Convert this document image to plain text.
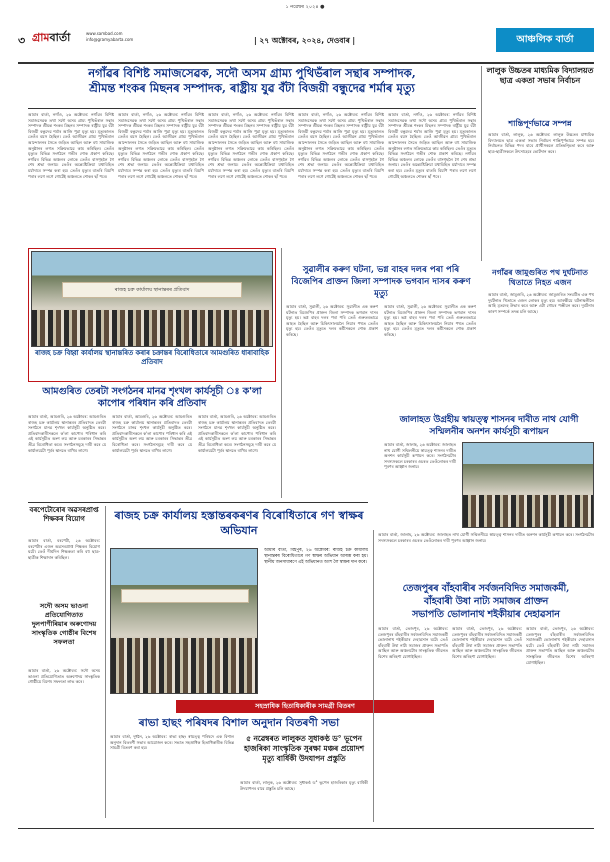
১ নৱেম্বৰ ২০২৪ ●
৩ গ্ৰামবাৰ্তা	www.sambad.com
info@gramyabarta.com	| ২৭ অক্টোবৰ, ২০২৪, দেওবাৰ |	আঞ্চলিক বাৰ্তা
নগাঁৱৰ বিশিষ্ট সমাজসেৱক, সদৌ অসম গ্ৰাম্য পুথিভঁৰাল সন্থাৰ সম্পাদক,
শ্ৰীমন্ত শংকৰ মিছনৰ সম্পাদক, ৰাষ্ট্ৰীয় যুৱ বঁটা বিজয়ী বন্ধুদেৱ শৰ্মাৰ মৃত্যু
আমাৰ বাৰ্তা, নগাঁও, ২৬ অক্টোবৰ: নগাঁৱৰ বিশিষ্ট সমাজসেৱক তথা সদৌ অসম গ্ৰাম্য পুথিভঁৰাল সন্থাৰ সম্পাদক শ্ৰীমন্ত শংকৰ মিছনৰ সম্পাদক ৰাষ্ট্ৰীয় যুৱ বঁটা বিজয়ী বন্ধুদেৱ শৰ্মাৰ আজি পুৱা মৃত্যু হয়। মৃত্যুকালত তেওঁৰ বয়স হৈছিল। তেওঁ আজীৱন গ্ৰাম্য পুথিভঁৰাল আন্দোলনৰ সৈতে জড়িত আছিল আৰু বহু সামাজিক অনুষ্ঠানৰ লগত সক্ৰিয়ভাৱে কাম কৰিছিল। তেওঁৰ মৃত্যুত বিভিন্ন সংগঠনে গভীৰ শোক প্ৰকাশ কৰিছে। নগাঁৱৰ বিভিন্ন অঞ্চলৰ লোকে তেওঁৰ বাসগৃহলৈ গৈ শেষ শ্ৰদ্ধা জনায়। তেওঁৰ অন্ত্যেষ্টিক্ৰিয়া যথাবিহিত মৰ্যাদাৰে সম্পন্ন কৰা হয়। তেওঁৰ মৃত্যুৰ বাতৰি বিয়পি পৰাৰ লগে লগে গোটেই অঞ্চলতে শোকৰ ছাঁ পৰে।
আমাৰ বাৰ্তা, নগাঁও, ২৬ অক্টোবৰ: নগাঁৱৰ বিশিষ্ট সমাজসেৱক তথা সদৌ অসম গ্ৰাম্য পুথিভঁৰাল সন্থাৰ সম্পাদক শ্ৰীমন্ত শংকৰ মিছনৰ সম্পাদক ৰাষ্ট্ৰীয় যুৱ বঁটা বিজয়ী বন্ধুদেৱ শৰ্মাৰ আজি পুৱা মৃত্যু হয়। মৃত্যুকালত তেওঁৰ বয়স হৈছিল। তেওঁ আজীৱন গ্ৰাম্য পুথিভঁৰাল আন্দোলনৰ সৈতে জড়িত আছিল আৰু বহু সামাজিক অনুষ্ঠানৰ লগত সক্ৰিয়ভাৱে কাম কৰিছিল। তেওঁৰ মৃত্যুত বিভিন্ন সংগঠনে গভীৰ শোক প্ৰকাশ কৰিছে। নগাঁৱৰ বিভিন্ন অঞ্চলৰ লোকে তেওঁৰ বাসগৃহলৈ গৈ শেষ শ্ৰদ্ধা জনায়। তেওঁৰ অন্ত্যেষ্টিক্ৰিয়া যথাবিহিত মৰ্যাদাৰে সম্পন্ন কৰা হয়। তেওঁৰ মৃত্যুৰ বাতৰি বিয়পি পৰাৰ লগে লগে গোটেই অঞ্চলতে শোকৰ ছাঁ পৰে।
আমাৰ বাৰ্তা, নগাঁও, ২৬ অক্টোবৰ: নগাঁৱৰ বিশিষ্ট সমাজসেৱক তথা সদৌ অসম গ্ৰাম্য পুথিভঁৰাল সন্থাৰ সম্পাদক শ্ৰীমন্ত শংকৰ মিছনৰ সম্পাদক ৰাষ্ট্ৰীয় যুৱ বঁটা বিজয়ী বন্ধুদেৱ শৰ্মাৰ আজি পুৱা মৃত্যু হয়। মৃত্যুকালত তেওঁৰ বয়স হৈছিল। তেওঁ আজীৱন গ্ৰাম্য পুথিভঁৰাল আন্দোলনৰ সৈতে জড়িত আছিল আৰু বহু সামাজিক অনুষ্ঠানৰ লগত সক্ৰিয়ভাৱে কাম কৰিছিল। তেওঁৰ মৃত্যুত বিভিন্ন সংগঠনে গভীৰ শোক প্ৰকাশ কৰিছে। নগাঁৱৰ বিভিন্ন অঞ্চলৰ লোকে তেওঁৰ বাসগৃহলৈ গৈ শেষ শ্ৰদ্ধা জনায়। তেওঁৰ অন্ত্যেষ্টিক্ৰিয়া যথাবিহিত মৰ্যাদাৰে সম্পন্ন কৰা হয়। তেওঁৰ মৃত্যুৰ বাতৰি বিয়পি পৰাৰ লগে লগে গোটেই অঞ্চলতে শোকৰ ছাঁ পৰে।
আমাৰ বাৰ্তা, নগাঁও, ২৬ অক্টোবৰ: নগাঁৱৰ বিশিষ্ট সমাজসেৱক তথা সদৌ অসম গ্ৰাম্য পুথিভঁৰাল সন্থাৰ সম্পাদক শ্ৰীমন্ত শংকৰ মিছনৰ সম্পাদক ৰাষ্ট্ৰীয় যুৱ বঁটা বিজয়ী বন্ধুদেৱ শৰ্মাৰ আজি পুৱা মৃত্যু হয়। মৃত্যুকালত তেওঁৰ বয়স হৈছিল। তেওঁ আজীৱন গ্ৰাম্য পুথিভঁৰাল আন্দোলনৰ সৈতে জড়িত আছিল আৰু বহু সামাজিক অনুষ্ঠানৰ লগত সক্ৰিয়ভাৱে কাম কৰিছিল। তেওঁৰ মৃত্যুত বিভিন্ন সংগঠনে গভীৰ শোক প্ৰকাশ কৰিছে। নগাঁৱৰ বিভিন্ন অঞ্চলৰ লোকে তেওঁৰ বাসগৃহলৈ গৈ শেষ শ্ৰদ্ধা জনায়। তেওঁৰ অন্ত্যেষ্টিক্ৰিয়া যথাবিহিত মৰ্যাদাৰে সম্পন্ন কৰা হয়। তেওঁৰ মৃত্যুৰ বাতৰি বিয়পি পৰাৰ লগে লগে গোটেই অঞ্চলতে শোকৰ ছাঁ পৰে।
আমাৰ বাৰ্তা, নগাঁও, ২৬ অক্টোবৰ: নগাঁৱৰ বিশিষ্ট সমাজসেৱক তথা সদৌ অসম গ্ৰাম্য পুথিভঁৰাল সন্থাৰ সম্পাদক শ্ৰীমন্ত শংকৰ মিছনৰ সম্পাদক ৰাষ্ট্ৰীয় যুৱ বঁটা বিজয়ী বন্ধুদেৱ শৰ্মাৰ আজি পুৱা মৃত্যু হয়। মৃত্যুকালত তেওঁৰ বয়স হৈছিল। তেওঁ আজীৱন গ্ৰাম্য পুথিভঁৰাল আন্দোলনৰ সৈতে জড়িত আছিল আৰু বহু সামাজিক অনুষ্ঠানৰ লগত সক্ৰিয়ভাৱে কাম কৰিছিল। তেওঁৰ মৃত্যুত বিভিন্ন সংগঠনে গভীৰ শোক প্ৰকাশ কৰিছে। নগাঁৱৰ বিভিন্ন অঞ্চলৰ লোকে তেওঁৰ বাসগৃহলৈ গৈ শেষ শ্ৰদ্ধা জনায়। তেওঁৰ অন্ত্যেষ্টিক্ৰিয়া যথাবিহিত মৰ্যাদাৰে সম্পন্ন কৰা হয়। তেওঁৰ মৃত্যুৰ বাতৰি বিয়পি পৰাৰ লগে লগে গোটেই অঞ্চলতে শোকৰ ছাঁ পৰে।
লালুক উচ্চতৰ মাধ্যমিক বিদ্যালয়ত ছাত্ৰ একতা সভাৰ নিৰ্বাচন
শান্তিপূৰ্ণভাৱে সম্পন্ন
আমাৰ বাৰ্তা, লালুক, ২৬ অক্টোবৰ: লালুক উচ্চতৰ মাধ্যমিক বিদ্যালয়ত ছাত্ৰ একতা সভাৰ নিৰ্বাচন শান্তিপূৰ্ণভাৱে সম্পন্ন হয়। নিৰ্বাচনত বিভিন্ন পদৰ বাবে প্ৰাৰ্থীসকলে প্ৰতিদ্বন্দ্বিতা কৰে আৰু ছাত্ৰ-ছাত্ৰীসকলে উৎসাহেৰে ভোটদান কৰে।
ৰাজহ চক্ৰ কাৰ্যালয় স্থানান্তৰৰ প্ৰতিবাদ
ৰাজহ চক্ৰ বিহ্বা কাৰ্যালয় স্থানান্তৰিত কৰাৰ চক্ৰান্তৰ বিৰোধিতাৰে আমগুৰিত ধাৰাবাহিক প্ৰতিবাদ
আমগুৰিত তেৰটা সংগঠনৰ মানৱ শৃংখল কাৰ্যসূচী ঃ ক'লা কাপোৰ পৰিধান কৰি প্ৰতিবাদ
আমাৰ বাৰ্তা, আমগুৰি, ২৬ অক্টোবৰ: আমগুৰিত ৰাজহ চক্ৰ কাৰ্যালয় স্থানান্তৰৰ প্ৰতিবাদত তেৰটা সংগঠনে মানৱ শৃংখল কাৰ্যসূচী অনুষ্ঠিত কৰে। প্ৰতিবাদকাৰীসকলে ক'লা কাপোৰ পৰিধান কৰি এই কাৰ্যসূচীত অংশ লয় আৰু চৰকাৰৰ সিদ্ধান্তৰ তীব্ৰ বিৰোধিতা কৰে। সংগঠনসমূহে দাবী কৰে যে কাৰ্যালয়টো পূৰ্বৰ স্থানতে ৰাখিব লাগে।
আমাৰ বাৰ্তা, আমগুৰি, ২৬ অক্টোবৰ: আমগুৰিত ৰাজহ চক্ৰ কাৰ্যালয় স্থানান্তৰৰ প্ৰতিবাদত তেৰটা সংগঠনে মানৱ শৃংখল কাৰ্যসূচী অনুষ্ঠিত কৰে। প্ৰতিবাদকাৰীসকলে ক'লা কাপোৰ পৰিধান কৰি এই কাৰ্যসূচীত অংশ লয় আৰু চৰকাৰৰ সিদ্ধান্তৰ তীব্ৰ বিৰোধিতা কৰে। সংগঠনসমূহে দাবী কৰে যে কাৰ্যালয়টো পূৰ্বৰ স্থানতে ৰাখিব লাগে।
আমাৰ বাৰ্তা, আমগুৰি, ২৬ অক্টোবৰ: আমগুৰিত ৰাজহ চক্ৰ কাৰ্যালয় স্থানান্তৰৰ প্ৰতিবাদত তেৰটা সংগঠনে মানৱ শৃংখল কাৰ্যসূচী অনুষ্ঠিত কৰে। প্ৰতিবাদকাৰীসকলে ক'লা কাপোৰ পৰিধান কৰি এই কাৰ্যসূচীত অংশ লয় আৰু চৰকাৰৰ সিদ্ধান্তৰ তীব্ৰ বিৰোধিতা কৰে। সংগঠনসমূহে দাবী কৰে যে কাৰ্যালয়টো পূৰ্বৰ স্থানতে ৰাখিব লাগে।
সুৱালীৰ কৰুণ ঘটনা, ভগ্ন বাহৰ দলৰ পৰা পৰি বিজেপিৰ প্ৰাক্তন জিলা সম্পাদক ভগবান দাসৰ কৰুণ মৃত্যু
আমাৰ বাৰ্তা, সুৱালী, ২৬ অক্টোবৰ: সুৱালীত এক কৰুণ ঘটনাত বিজেপিৰ প্ৰাক্তন জিলা সম্পাদক ভগবান দাসৰ মৃত্যু হয়। ভগ্ন বাহৰ দলৰ পৰা পৰি তেওঁ গুৰুতৰভাৱে আহত হৈছিল আৰু চিকিৎসালয়লৈ নিয়াৰ পথত তেওঁৰ মৃত্যু হয়। তেওঁৰ মৃত্যুত দলৰ কৰ্মীসকলে শোক প্ৰকাশ কৰিছে।
আমাৰ বাৰ্তা, সুৱালী, ২৬ অক্টোবৰ: সুৱালীত এক কৰুণ ঘটনাত বিজেপিৰ প্ৰাক্তন জিলা সম্পাদক ভগবান দাসৰ মৃত্যু হয়। ভগ্ন বাহৰ দলৰ পৰা পৰি তেওঁ গুৰুতৰভাৱে আহত হৈছিল আৰু চিকিৎসালয়লৈ নিয়াৰ পথত তেওঁৰ মৃত্যু হয়। তেওঁৰ মৃত্যুত দলৰ কৰ্মীসকলে শোক প্ৰকাশ কৰিছে।
নগাঁৱৰ জামুগুৰিত পথ দুৰ্ঘটনাত থিতাতে নিহত এজন
আমাৰ বাৰ্তা, জামুগুৰি, ২৬ অক্টোবৰ: জামুগুৰিত সংঘটিত এক পথ দুৰ্ঘটনাত থিতাতে এজন লোকৰ মৃত্যু হয়। আৰক্ষীয়ে ঘটনাস্থলীলৈ আহি মৃতদেহ উদ্ধাৰ কৰে আৰু এটা গোচৰ পঞ্জীয়ন কৰে। দুৰ্ঘটনাৰ কাৰণ সম্পৰ্কে তদন্ত চলি আছে।
জালাহত উগ্ৰহীয় স্বায়ত্ত্ব শাসনৰ দাবীত নাথ যোগী সম্মিলনীৰ অনশন কাৰ্যসূচী ৰূপায়ন
আমাৰ বাৰ্তা, জালাহ, ২৬ অক্টোবৰ: জালাহত নাথ যোগী সম্মিলনীয়ে স্বায়ত্ত্ব শাসনৰ দাবীত অনশন কাৰ্যসূচী ৰূপায়ন কৰে। সংগঠনটোৰ সদস্যসকলে চৰকাৰৰ ওচৰত তেওঁলোকৰ দাবী পূৰণৰ আহ্বান জনায়।
বৰপেটোৰোৰ অৱসৰপ্ৰাপ্ত শিক্ষকৰ বিয়োগ
আমাৰ বাৰ্তা, বৰপেটা, ২৬ অক্টোবৰ: বৰপেটাৰ এজন অৱসৰপ্ৰাপ্ত শিক্ষকৰ বিয়োগ ঘটে। তেওঁ দীৰ্ঘদিন শিক্ষকতা কৰি বহু ছাত্ৰ-ছাত্ৰীক শিক্ষাদান কৰিছিল।
সদৌ অসম ভাওনা প্ৰতিযোগিতাত দুলপাণীৰিয়াৰ অৰুণোদয় সাংস্কৃতিক গোষ্ঠীৰ বিশেষ সফলতা
আমাৰ বাৰ্তা, ২৬ অক্টোবৰ: সদৌ অসম ভাওনা প্ৰতিযোগিতাত অৰুণোদয় সাংস্কৃতিক গোষ্ঠীয়ে বিশেষ সফলতা লাভ কৰে।
ৰাজহ চক্ৰ কাৰ্যালয় হস্তান্তৰকৰণৰ বিৰোধিতাৰে গণ স্বাক্ষৰ অভিযান
আমাৰ বাৰ্তা, বিহপুৰ, ২৬ অক্টোবৰ: ৰাজহ চক্ৰ কাৰ্যালয় স্থানান্তৰৰ বিৰোধিতাৰে গণ স্বাক্ষৰ অভিযান আৰম্ভ কৰা হয়। স্থানীয় জনসাধাৰণে এই অভিযানত অংশ লৈ স্বাক্ষৰ দান কৰে।
সহস্ৰাধিক হিতাধিকাৰীক সামগ্ৰী বিতৰণ
ৰাভা হাছং পৰিষদৰ বিশাল অনুদান বিতৰণী সভা
আমাৰ বাৰ্তা, দুধনৈ, ২৬ অক্টোবৰ: ৰাভা হাছং স্বায়ত্ত্ব পৰিষদে এক বিশাল অনুদান বিতৰণী সভাৰ আয়োজন কৰে। সভাত সহস্ৰাধিক হিতাধিকাৰীক বিভিন্ন সামগ্ৰী বিতৰণ কৰা হয়।
৫ নৱেম্বৰত লালুকত সুধাকণ্ঠ ড° ভূপেন হাজৰিকা সাংস্কৃতিক সুৰক্ষা মঞ্চৰ প্ৰয়োদশ মৃত্যু বাৰ্ষিকী উদযাপন প্ৰস্তুতি
আমাৰ বাৰ্তা, লালুক, ২৬ অক্টোবৰ: সুধাকণ্ঠ ড° ভূপেন হাজৰিকাৰ মৃত্যু বাৰ্ষিকী উদযাপনৰ বাবে প্ৰস্তুতি চলি আছে।
আমাৰ বাৰ্তা, জালাহ, ২৬ অক্টোবৰ: জালাহত নাথ যোগী সম্মিলনীয়ে স্বায়ত্ত্ব শাসনৰ দাবীত অনশন কাৰ্যসূচী ৰূপায়ন কৰে। সংগঠনটোৰ সদস্যসকলে চৰকাৰৰ ওচৰত তেওঁলোকৰ দাবী পূৰণৰ আহ্বান জনায়।
তেজপুৰৰ বাঁহবাৰীৰ সৰ্বজনবিদিত সমাজকৰ্মী,
বাঁহবাৰী উষা নাট্য সমাজৰ প্ৰাক্তন
সভাপতি ভোলানাথ শইকীয়াৰ দেহাৱসান
আমাৰ বাৰ্তা, তেজপুৰ, ২৬ অক্টোবৰ: তেজপুৰৰ বাঁহবাৰীৰ সৰ্বজনবিদিত সমাজকৰ্মী ভোলানাথ শইকীয়াৰ দেহাৱসান ঘটে। তেওঁ বাঁহবাৰী উষা নাট্য সমাজৰ প্ৰাক্তন সভাপতি আছিল আৰু অঞ্চলটোৰ সাংস্কৃতিক জীৱনত বিশেষ অৰিহণা যোগাইছিল।
আমাৰ বাৰ্তা, তেজপুৰ, ২৬ অক্টোবৰ: তেজপুৰৰ বাঁহবাৰীৰ সৰ্বজনবিদিত সমাজকৰ্মী ভোলানাথ শইকীয়াৰ দেহাৱসান ঘটে। তেওঁ বাঁহবাৰী উষা নাট্য সমাজৰ প্ৰাক্তন সভাপতি আছিল আৰু অঞ্চলটোৰ সাংস্কৃতিক জীৱনত বিশেষ অৰিহণা যোগাইছিল।
আমাৰ বাৰ্তা, তেজপুৰ, ২৬ অক্টোবৰ: তেজপুৰৰ বাঁহবাৰীৰ সৰ্বজনবিদিত সমাজকৰ্মী ভোলানাথ শইকীয়াৰ দেহাৱসান ঘটে। তেওঁ বাঁহবাৰী উষা নাট্য সমাজৰ প্ৰাক্তন সভাপতি আছিল আৰু অঞ্চলটোৰ সাংস্কৃতিক জীৱনত বিশেষ অৰিহণা যোগাইছিল।
